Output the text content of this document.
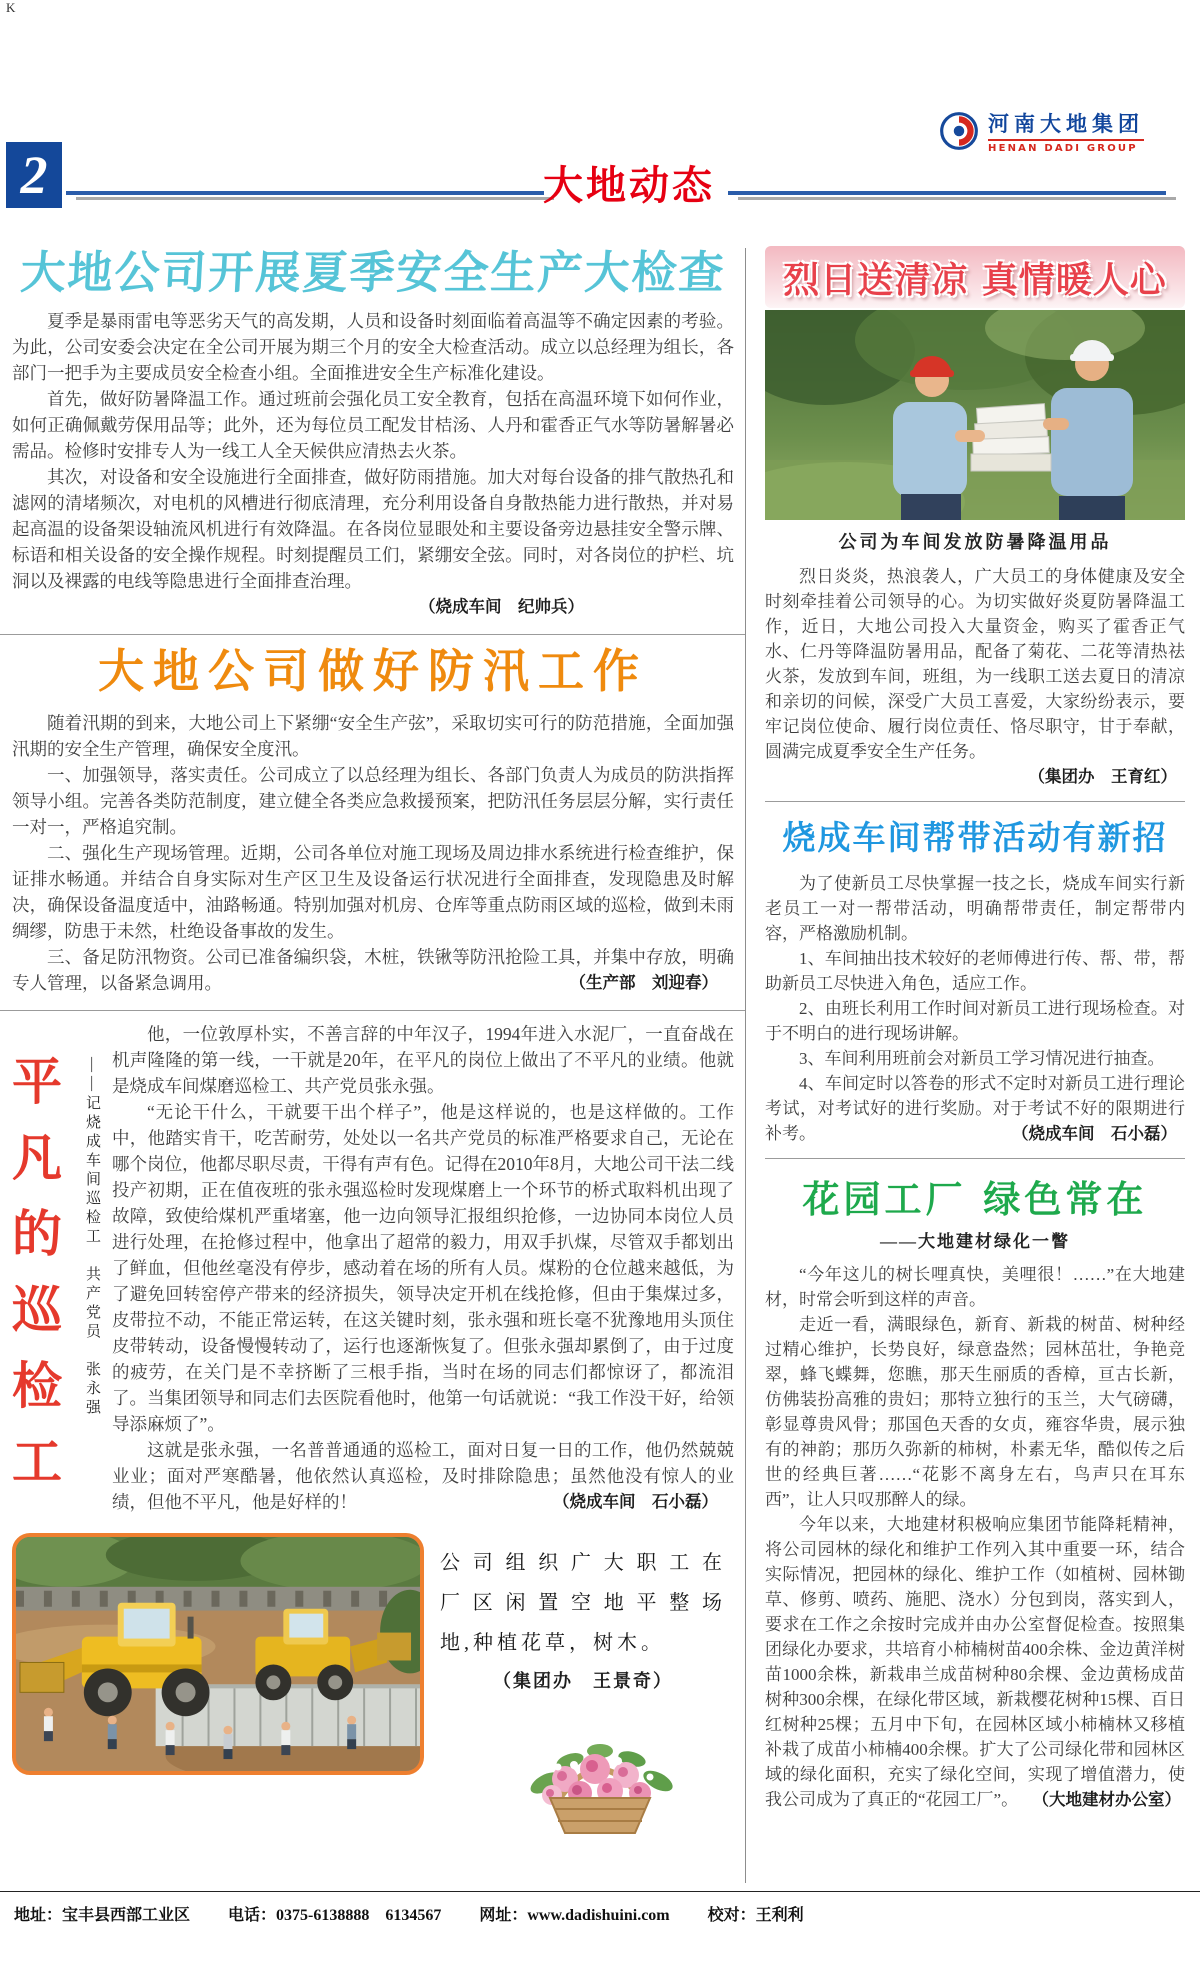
K
2	大地动态
河南大地集团
HENAN DADI GROUP
大地公司开展夏季安全生产大检查

夏季是暴雨雷电等恶劣天气的高发期，人员和设备时刻面临着高温等不确定因素的考验。为此，公司安委会决定在全公司开展为期三个月的安全大检查活动。成立以总经理为组长，各部门一把手为主要成员安全检查小组。全面推进安全生产标准化建设。

首先，做好防暑降温工作。通过班前会强化员工安全教育，包括在高温环境下如何作业，如何正确佩戴劳保用品等；此外，还为每位员工配发甘桔汤、人丹和霍香正气水等防暑解暑必需品。检修时安排专人为一线工人全天候供应清热去火茶。

其次，对设备和安全设施进行全面排查，做好防雨措施。加大对每台设备的排气散热孔和滤网的清堵频次，对电机的风槽进行彻底清理，充分利用设备自身散热能力进行散热，并对易起高温的设备架设轴流风机进行有效降温。在各岗位显眼处和主要设备旁边悬挂安全警示牌、标语和相关设备的安全操作规程。时刻提醒员工们，紧绷安全弦。同时，对各岗位的护栏、坑洞以及裸露的电线等隐患进行全面排查治理。

（烧成车间　纪帅兵）
大地公司做好防汛工作

随着汛期的到来，大地公司上下紧绷“安全生产弦”，采取切实可行的防范措施，全面加强汛期的安全生产管理，确保安全度汛。

一、加强领导，落实责任。公司成立了以总经理为组长、各部门负责人为成员的防洪指挥领导小组。完善各类防范制度，建立健全各类应急救援预案，把防汛任务层层分解，实行责任一对一，严格追究制。

二、强化生产现场管理。近期，公司各单位对施工现场及周边排水系统进行检查维护，保证排水畅通。并结合自身实际对生产区卫生及设备运行状况进行全面排查，发现隐患及时解决，确保设备温度适中，油路畅通。特别加强对机房、仓库等重点防雨区域的巡检，做到未雨绸缪，防患于未然，杜绝设备事故的发生。

三、备足防汛物资。公司已准备编织袋，木桩，铁锹等防汛抢险工具，并集中存放，明确专人管理，以备紧急调用。	（生产部　刘迎春）
平凡的巡检工 ——记烧成车间巡检工　共产党员　张永强

他，一位敦厚朴实，不善言辞的中年汉子，1994年进入水泥厂，一直奋战在机声隆隆的第一线，一干就是20年，在平凡的岗位上做出了不平凡的业绩。他就是烧成车间煤磨巡检工、共产党员张永强。

“无论干什么，干就要干出个样子”，他是这样说的，也是这样做的。工作中，他踏实肯干，吃苦耐劳，处处以一名共产党员的标准严格要求自己，无论在哪个岗位，他都尽职尽责，干得有声有色。记得在2010年8月，大地公司干法二线投产初期，正在值夜班的张永强巡检时发现煤磨上一个环节的桥式取料机出现了故障，致使给煤机严重堵塞，他一边向领导汇报组织抢修，一边协同本岗位人员进行处理，在抢修过程中，他拿出了超常的毅力，用双手扒煤，尽管双手都划出了鲜血，但他丝毫没有停步，感动着在场的所有人员。煤粉的仓位越来越低，为了避免回转窑停产带来的经济损失，领导决定开机在线抢修，但由于集煤过多，皮带拉不动，不能正常运转，在这关键时刻，张永强和班长毫不犹豫地用头顶住皮带转动，设备慢慢转动了，运行也逐渐恢复了。但张永强却累倒了，由于过度的疲劳，在关门是不幸挤断了三根手指，当时在场的同志们都惊讶了，都流泪了。当集团领导和同志们去医院看他时，他第一句话就说：“我工作没干好，给领导添麻烦了”。

这就是张永强，一名普普通通的巡检工，面对日复一日的工作，他仍然兢兢业业；面对严寒酷暑，他依然认真巡检，及时排除隐患；虽然他没有惊人的业绩，但他不平凡，他是好样的！	（烧成车间　石小磊）
公司组织广大职工在
厂区闲置空地平整场
地,种植花草，树木。
（集团办　王景奇）
烈日送清凉 真情暖人心
公司为车间发放防暑降温用品

烈日炎炎，热浪袭人，广大员工的身体健康及安全时刻牵挂着公司领导的心。为切实做好炎夏防暑降温工作，近日，大地公司投入大量资金，购买了霍香正气水、仁丹等降温防暑用品，配备了菊花、二花等清热祛火茶，发放到车间，班组，为一线职工送去夏日的清凉和亲切的问候，深受广大员工喜爱，大家纷纷表示，要牢记岗位使命、履行岗位责任、恪尽职守，甘于奉献，圆满完成夏季安全生产任务。

（集团办　王育红）
烧成车间帮带活动有新招

为了使新员工尽快掌握一技之长，烧成车间实行新老员工一对一帮带活动，明确帮带责任，制定帮带内容，严格激励机制。

1、车间抽出技术较好的老师傅进行传、帮、带，帮助新员工尽快进入角色，适应工作。

2、由班长利用工作时间对新员工进行现场检查。对于不明白的进行现场讲解。

3、车间利用班前会对新员工学习情况进行抽查。

4、车间定时以答卷的形式不定时对新员工进行理论考试，对考试好的进行奖励。对于考试不好的限期进行补考。	（烧成车间　石小磊）
花园工厂 绿色常在
——大地建材绿化一瞥

“今年这儿的树长哩真快，美哩很！……”在大地建材，时常会听到这样的声音。

走近一看，满眼绿色，新育、新栽的树苗、树种经过精心维护，长势良好，绿意盎然；园林茁壮，争艳竞翠，蜂飞蝶舞，您瞧，那天生丽质的香樟，亘古长新，仿佛装扮高雅的贵妇；那特立独行的玉兰，大气磅礴，彰显尊贵风骨；那国色天香的女贞，雍容华贵，展示独有的神韵；那历久弥新的柿树，朴素无华，酷似传之后世的经典巨著……“花影不离身左右，鸟声只在耳东西”，让人只叹那醉人的绿。

今年以来，大地建材积极响应集团节能降耗精神，将公司园林的绿化和维护工作列入其中重要一环，结合实际情况，把园林的绿化、维护工作（如植树、园林锄草、修剪、喷药、施肥、浇水）分包到岗，落实到人，要求在工作之余按时完成并由办公室督促检查。按照集团绿化办要求，共培育小柿楠树苗400余株、金边黄洋树苗1000余株，新栽串兰成苗树种80余棵、金边黄杨成苗树种300余棵，在绿化带区域，新栽樱花树种15棵、百日红树种25棵；五月中下旬，在园林区域小柿楠林又移植补栽了成苗小柿楠400余棵。扩大了公司绿化带和园林区域的绿化面积，充实了绿化空间，实现了增值潜力，使我公司成为了真正的“花园工厂”。 （大地建材办公室）
地址：宝丰县西部工业区 电话：0375-6138888　6134567 网址：www.dadishuini.com 校对：王利利
